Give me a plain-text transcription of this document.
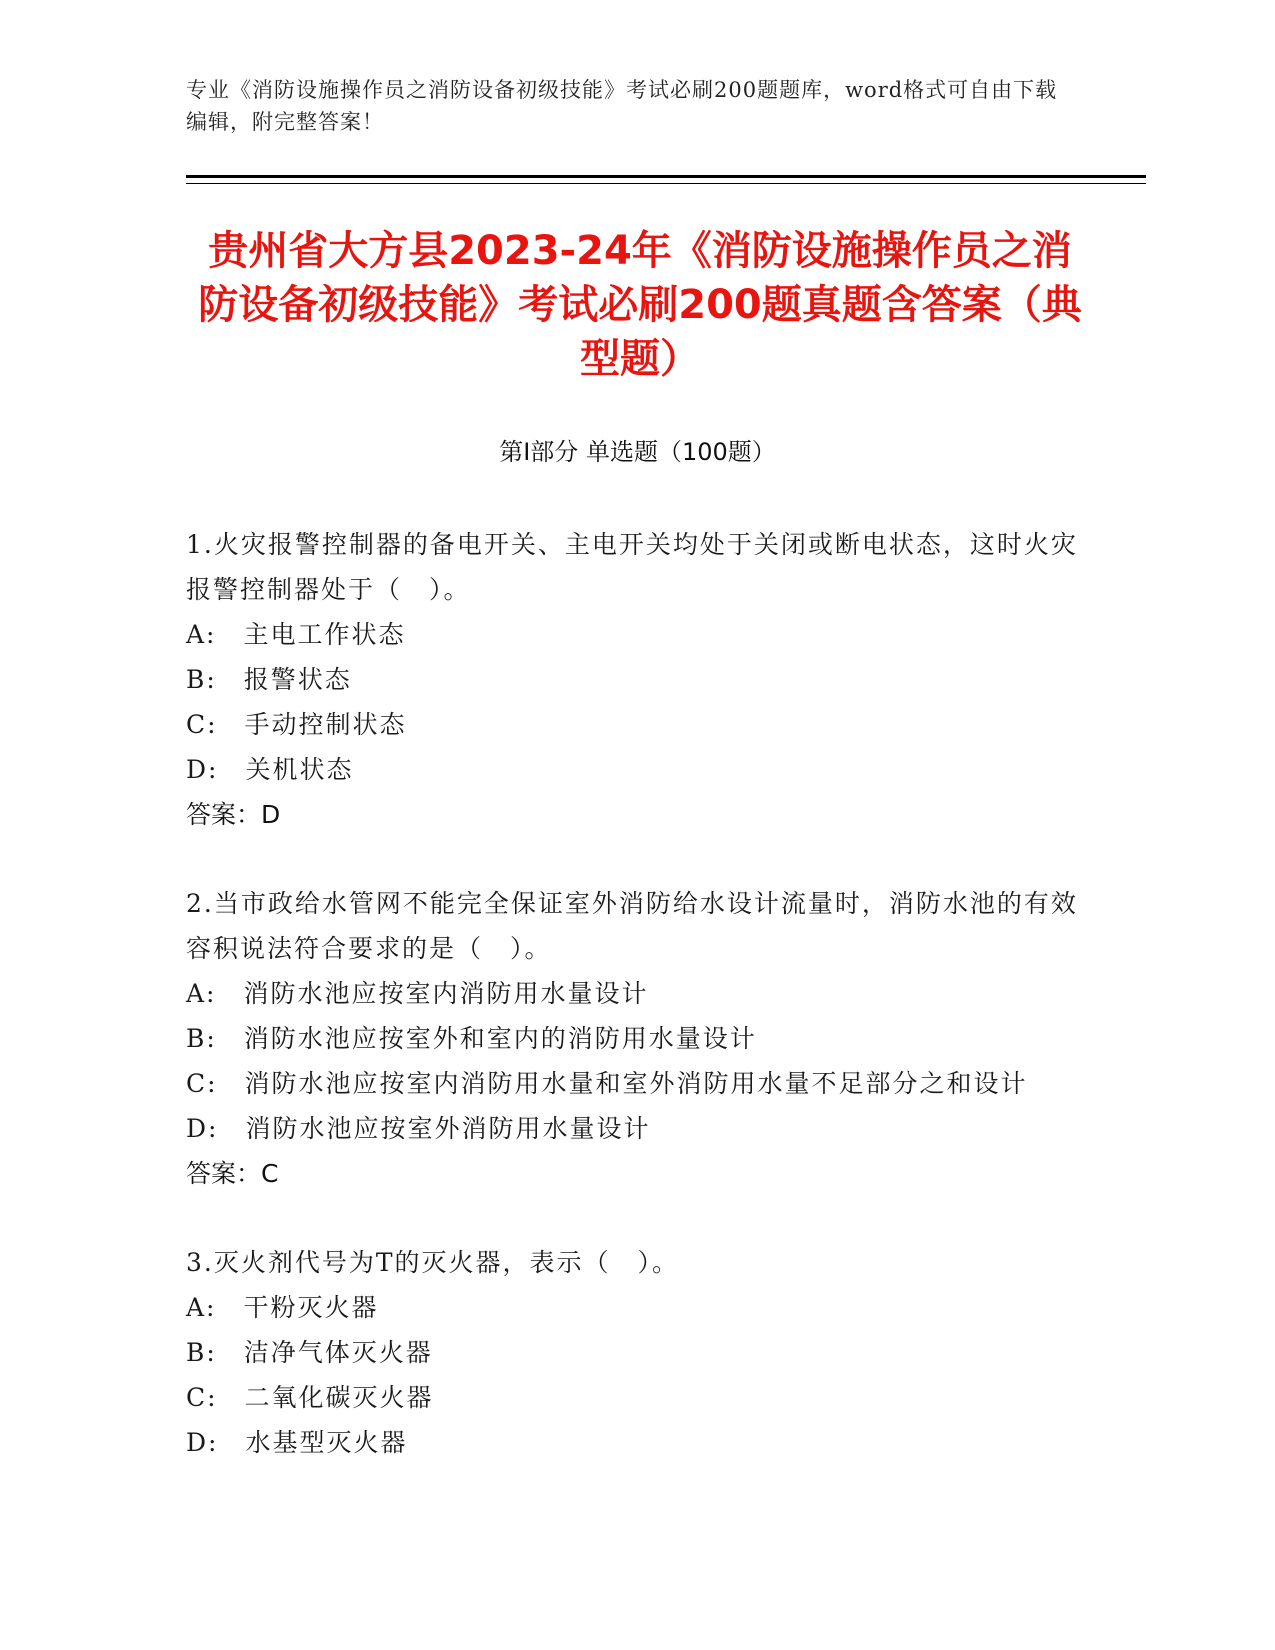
专业《消防设施操作员之消防设备初级技能》考试必刷200题题库，word格式可自由下载编辑，附完整答案！
贵州省大方县2023-24年《消防设施操作员之消防设备初级技能》考试必刷200题真题含答案（典型题）
第Ⅰ部分 单选题（100题）

1.火灾报警控制器的备电开关、主电开关均处于关闭或断电状态，这时火灾报警控制器处于（　）。

A:　主电工作状态
B:　报警状态
C:　手动控制状态
D:　关机状态
答案：D

2.当市政给水管网不能完全保证室外消防给水设计流量时，消防水池的有效容积说法符合要求的是（　）。

A:　消防水池应按室内消防用水量设计
B:　消防水池应按室外和室内的消防用水量设计
C:　消防水池应按室内消防用水量和室外消防用水量不足部分之和设计
D:　消防水池应按室外消防用水量设计
答案：C

3.灭火剂代号为T的灭火器，表示（　）。

A:　干粉灭火器
B:　洁净气体灭火器
C:　二氧化碳灭火器
D:　水基型灭火器
